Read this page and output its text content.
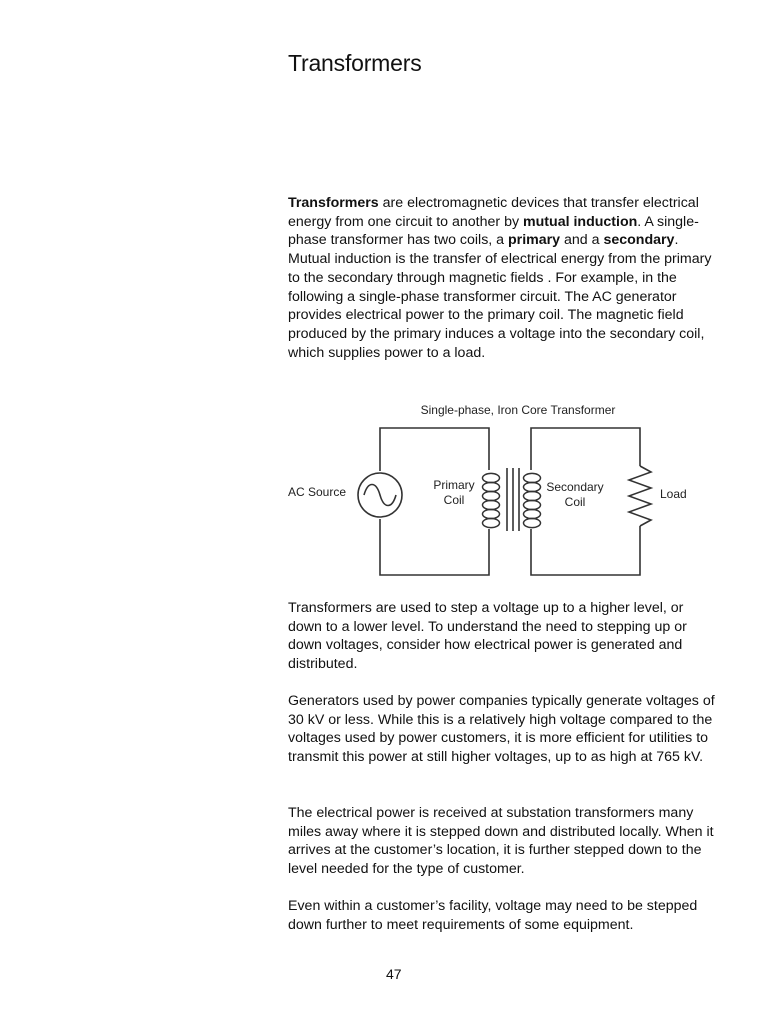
Transformers

Transformers are electromagnetic devices that transfer electrical energy from one circuit to another by mutual induction. A single-phase transformer has two coils, a primary and a secondary. Mutual induction is the transfer of electrical energy from the primary to the secondary through magnetic fields . For example, in the following a single-phase transformer circuit. The AC generator provides electrical power to the primary coil. The magnetic field produced by the primary induces a voltage into the secondary coil, which supplies power to a load.

Single-phase, Iron Core Transformer
AC Source	Primary
Coil
Secondary
Coil
Load

Transformers are used to step a voltage up to a higher level, or down to a lower level. To understand the need to stepping up or down voltages, consider how electrical power is generated and distributed.

Generators used by power companies typically generate voltages of 30 kV or less. While this is a relatively high voltage compared to the voltages used by power customers, it is more efficient for utilities to transmit this power at still higher voltages, up to as high at 765 kV.

The electrical power is received at substation transformers many miles away where it is stepped down and distributed locally. When it arrives at the customer’s location, it is further stepped down to the level needed for the type of customer.

Even within a customer’s facility, voltage may need to be stepped down further to meet requirements of some equipment.

47
